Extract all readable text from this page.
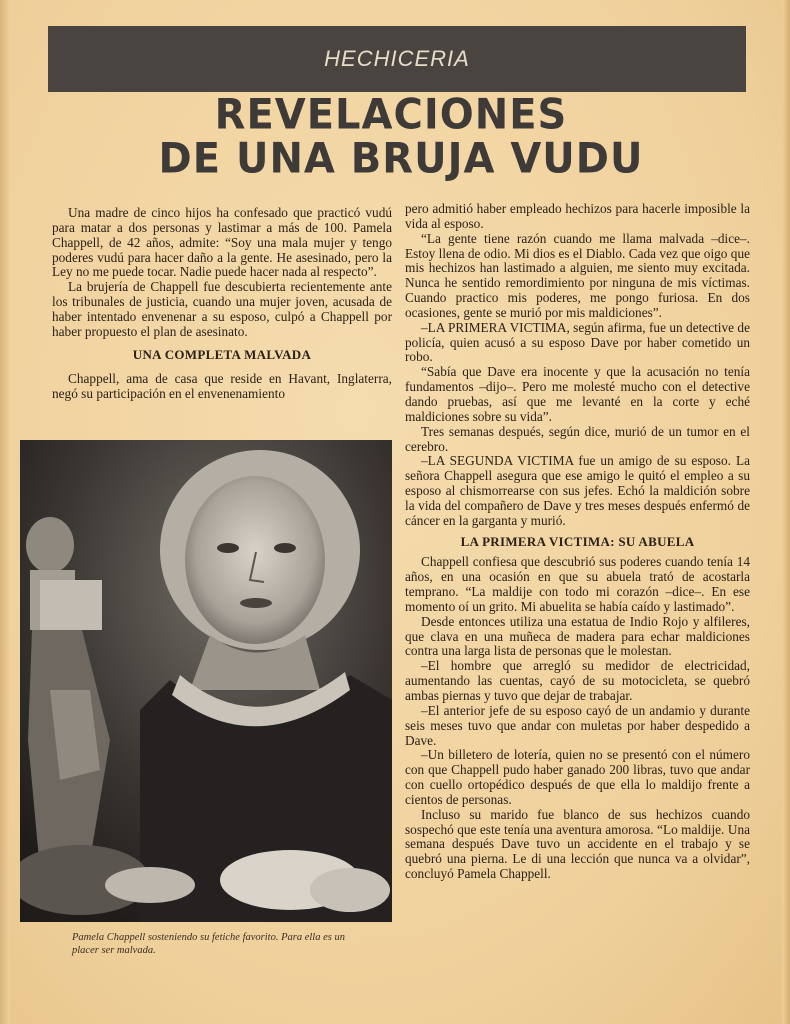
HECHICERIA
REVELACIONES
DE UNA BRUJA VUDU

Una madre de cinco hijos ha confesado que practicó vudú para matar a dos personas y lastimar a más de 100. Pamela Chappell, de 42 años, admite: “Soy una mala mujer y tengo poderes vudú para hacer daño a la gente. He asesinado, pero la Ley no me puede tocar. Nadie puede hacer nada al respecto”.

La brujería de Chappell fue descubierta recientemente ante los tribunales de justicia, cuando una mujer joven, acusada de haber intentado envenenar a su esposo, culpó a Chappell por haber propuesto el plan de asesinato.

UNA COMPLETA MALVADA

Chappell, ama de casa que reside en Havant, Inglaterra, negó su participación en el envenenamiento

Pamela Chappell sosteniendo su fetiche favorito. Para ella es un placer ser malvada.

pero admitió haber empleado hechizos para hacerle imposible la vida al esposo.

“La gente tiene razón cuando me llama malvada –dice–. Estoy llena de odio. Mi dios es el Diablo. Cada vez que oigo que mis hechizos han lastimado a alguien, me siento muy excitada. Nunca he sentido remordimiento por ninguna de mis víctimas. Cuando practico mis poderes, me pongo furiosa. En dos ocasiones, gente se murió por mis maldiciones”.

–LA PRIMERA VICTIMA, según afirma, fue un detective de policía, quien acusó a su esposo Dave por haber cometido un robo.

“Sabía que Dave era inocente y que la acusación no tenía fundamentos –dijo–. Pero me molesté mucho con el detective dando pruebas, así que me levanté en la corte y eché maldiciones sobre su vida”.

Tres semanas después, según dice, murió de un tumor en el cerebro.

–LA SEGUNDA VICTIMA fue un amigo de su esposo. La señora Chappell asegura que ese amigo le quitó el empleo a su esposo al chismorrearse con sus jefes. Echó la maldición sobre la vida del compañero de Dave y tres meses después enfermó de cáncer en la garganta y murió.

LA PRIMERA VICTIMA: SU ABUELA

Chappell confiesa que descubrió sus poderes cuando tenía 14 años, en una ocasión en que su abuela trató de acostarla temprano. “La maldije con todo mi corazón –dice–. En ese momento oí un grito. Mi abuelita se había caído y lastimado”.

Desde entonces utiliza una estatua de Indio Rojo y alfileres, que clava en una muñeca de madera para echar maldiciones contra una larga lista de personas que le molestan.

–El hombre que arregló su medidor de electricidad, aumentando las cuentas, cayó de su motocicleta, se quebró ambas piernas y tuvo que dejar de trabajar.

–El anterior jefe de su esposo cayó de un andamio y durante seis meses tuvo que andar con muletas por haber despedido a Dave.

–Un billetero de lotería, quien no se presentó con el número con que Chappell pudo haber ganado 200 libras, tuvo que andar con cuello ortopédico después de que ella lo maldijo frente a cientos de personas.

Incluso su marido fue blanco de sus hechizos cuando sospechó que este tenía una aventura amorosa. “Lo maldije. Una semana después Dave tuvo un accidente en el trabajo y se quebró una pierna. Le di una lección que nunca va a olvidar”, concluyó Pamela Chappell.
